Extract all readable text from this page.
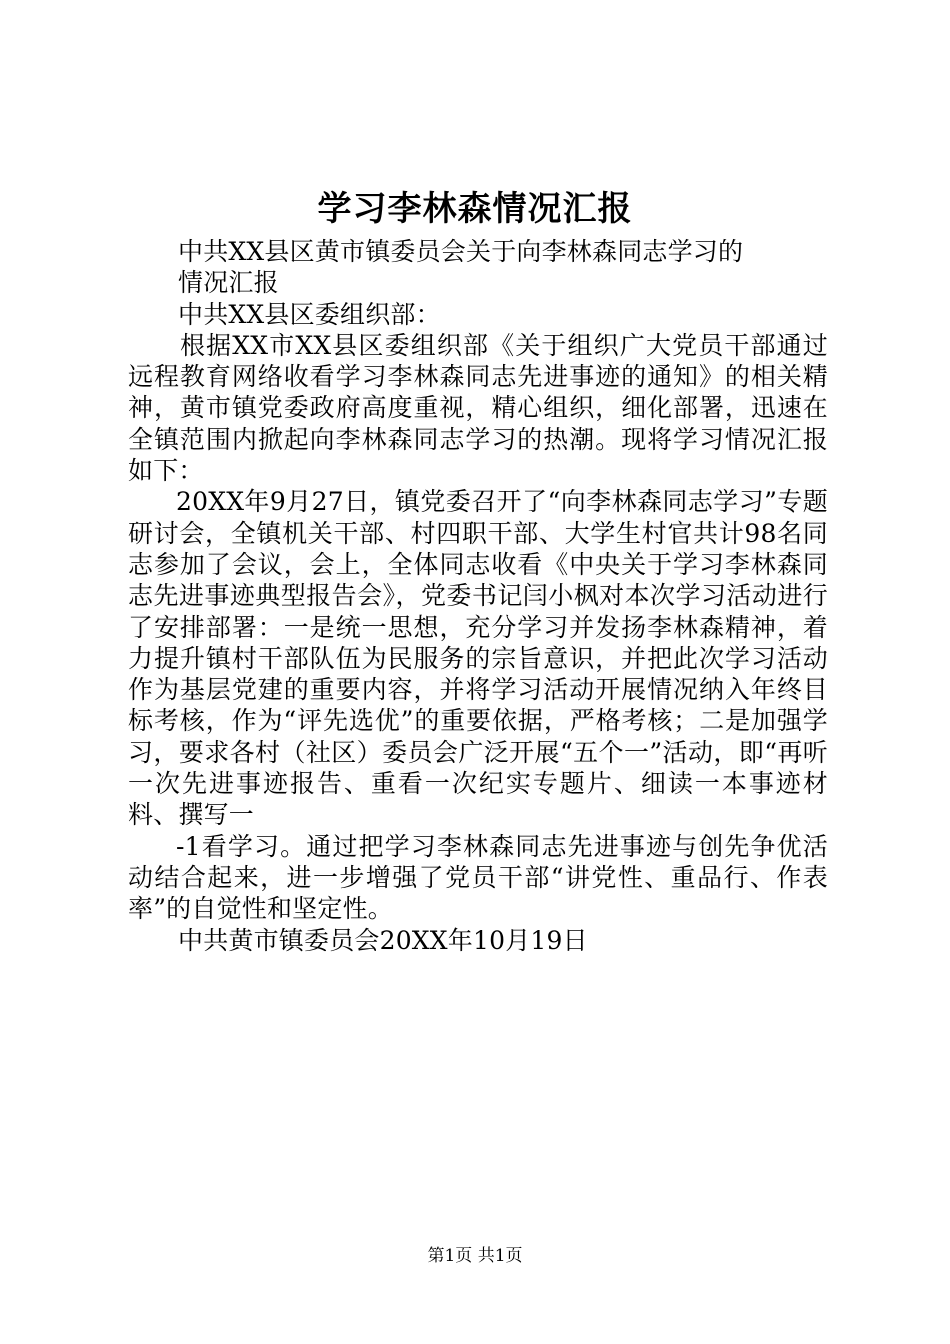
学习李林森情况汇报

中共XX县区黄市镇委员会关于向李林森同志学习的

情况汇报

中共XX县区委组织部：

根据XX市XX县区委组织部《关于组织广大党员干部通过远程教育网络收看学习李林森同志先进事迹的通知》的相关精神，黄市镇党委政府高度重视，精心组织，细化部署，迅速在全镇范围内掀起向李林森同志学习的热潮。现将学习情况汇报如下：

20XX年9月27日，镇党委召开了“向李林森同志学习”专题研讨会，全镇机关干部、村四职干部、大学生村官共计98名同志参加了会议，会上，全体同志收看《中央关于学习李林森同志先进事迹典型报告会》，党委书记闫小枫对本次学习活动进行了安排部署：一是统一思想，充分学习并发扬李林森精神，着力提升镇村干部队伍为民服务的宗旨意识，并把此次学习活动作为基层党建的重要内容，并将学习活动开展情况纳入年终目标考核，作为“评先选优”的重要依据，严格考核；二是加强学习，要求各村（社区）委员会广泛开展“五个一”活动，即“再听一次先进事迹报告、重看一次纪实专题片、细读一本事迹材料、撰写一

-1看学习。通过把学习李林森同志先进事迹与创先争优活动结合起来，进一步增强了党员干部“讲党性、重品行、作表率”的自觉性和坚定性。

中共黄市镇委员会20XX年10月19日

第1页 共1页
